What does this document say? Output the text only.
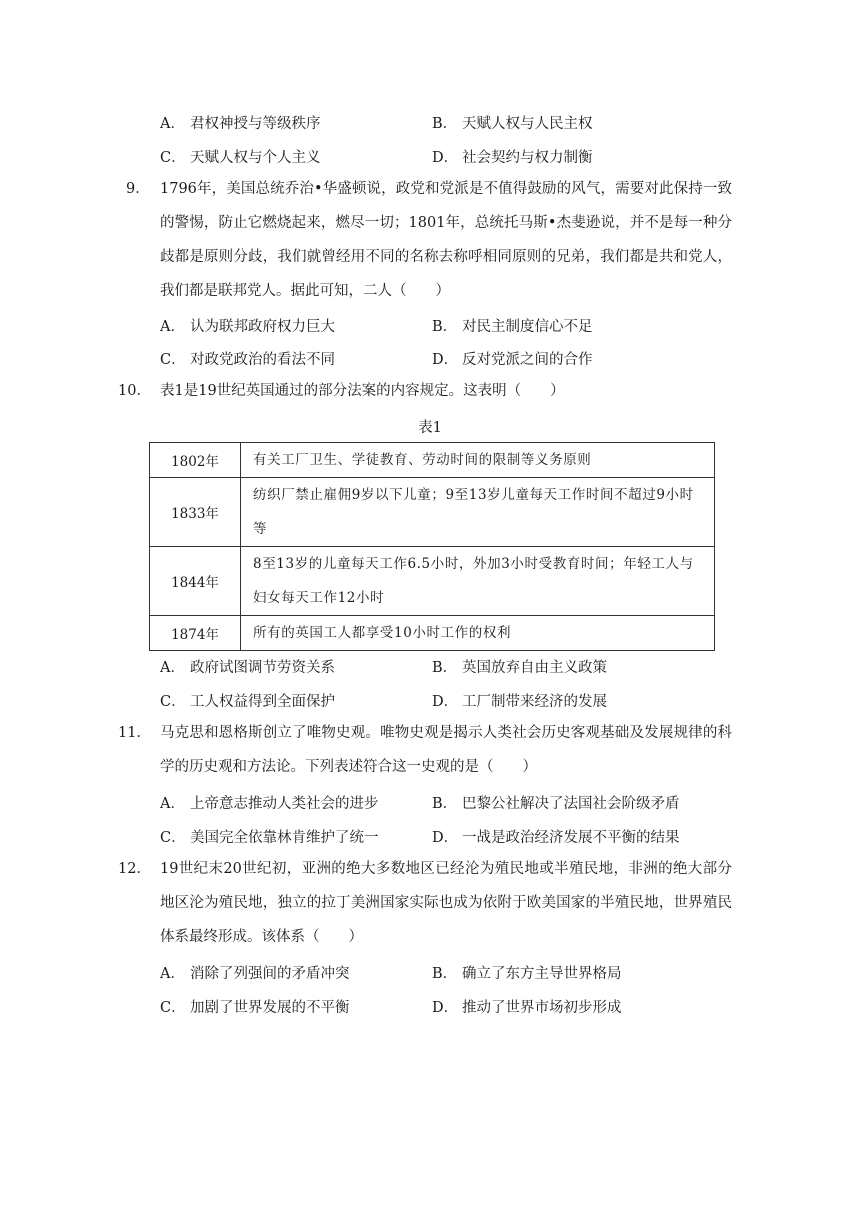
A． 君权神授与等级秩序	B． 天赋人权与人民主权
C． 天赋人权与个人主义	D． 社会契约与权力制衡
9． 1796年，美国总统乔治•华盛顿说，政党和党派是不值得鼓励的风气，需要对此保持一致的警惕，防止它燃烧起来，燃尽一切；1801年，总统托马斯•杰斐逊说，并不是每一种分歧都是原则分歧，我们就曾经用不同的名称去称呼相同原则的兄弟，我们都是共和党人，我们都是联邦党人。据此可知，二人（　　）
A． 认为联邦政府权力巨大	B． 对民主制度信心不足
C． 对政党政治的看法不同	D． 反对党派之间的合作
10． 表1是19世纪英国通过的部分法案的内容规定。这表明（　　）
表1
1802年	有关工厂卫生、学徒教育、劳动时间的限制等义务原则
1833年	纺织厂禁止雇佣9岁以下儿童；9至13岁儿童每天工作时间不超过9小时等
1844年	8至13岁的儿童每天工作6.5小时，外加3小时受教育时间；年轻工人与妇女每天工作12小时
1874年	所有的英国工人都享受10小时工作的权利
A． 政府试图调节劳资关系	B． 英国放弃自由主义政策
C． 工人权益得到全面保护	D． 工厂制带来经济的发展
11． 马克思和恩格斯创立了唯物史观。唯物史观是揭示人类社会历史客观基础及发展规律的科学的历史观和方法论。下列表述符合这一史观的是（　　）
A． 上帝意志推动人类社会的进步	B． 巴黎公社解决了法国社会阶级矛盾
C． 美国完全依靠林肯维护了统一	D． 一战是政治经济发展不平衡的结果
12． 19世纪末20世纪初，亚洲的绝大多数地区已经沦为殖民地或半殖民地，非洲的绝大部分地区沦为殖民地，独立的拉丁美洲国家实际也成为依附于欧美国家的半殖民地，世界殖民体系最终形成。该体系（　　）
A． 消除了列强间的矛盾冲突	B． 确立了东方主导世界格局
C． 加剧了世界发展的不平衡	D． 推动了世界市场初步形成
